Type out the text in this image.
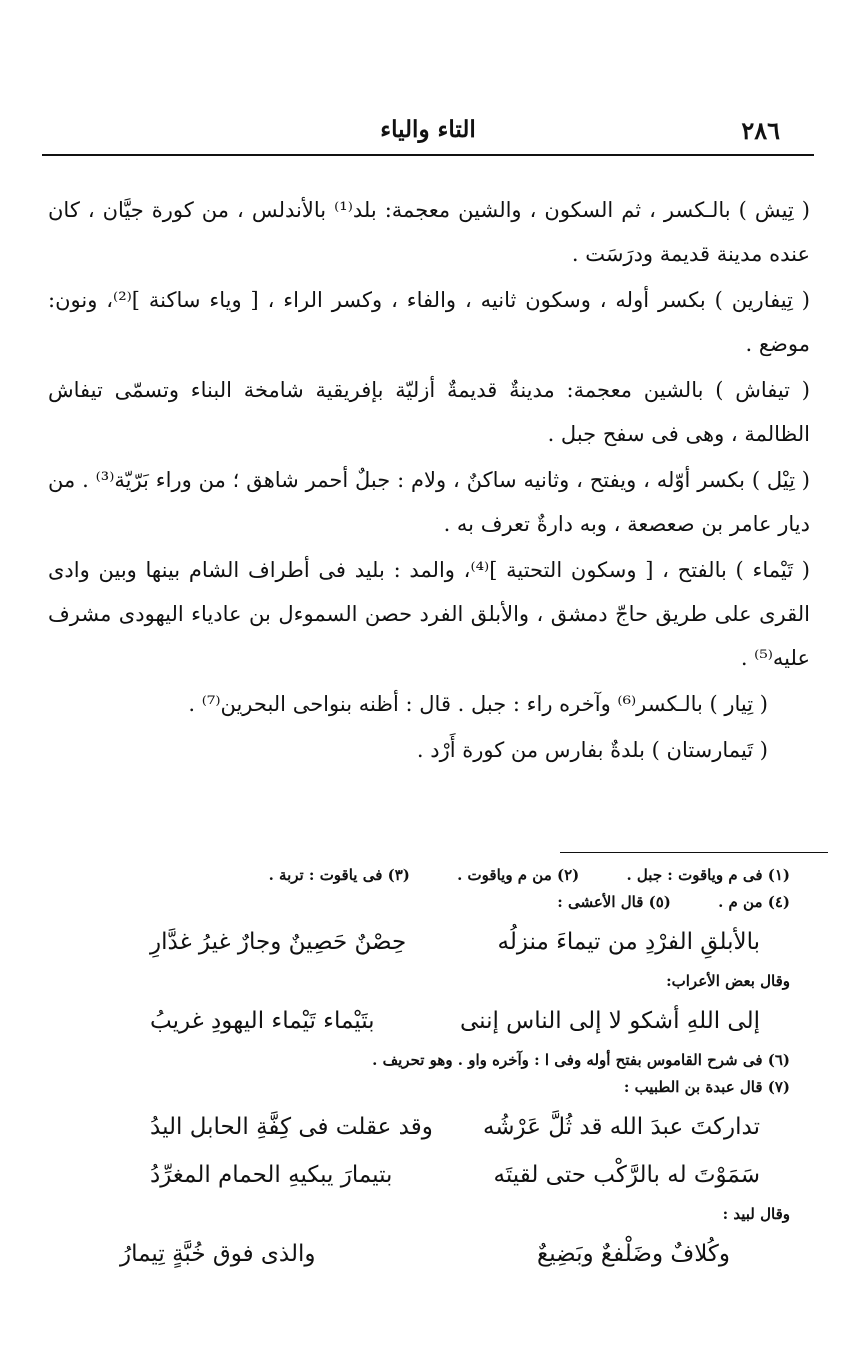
٢٨٦
التاء والياء

( تِيش ) بالـكسر ، ثم السكون ، والشين معجمة: بلد⁽¹⁾ بالأندلس ، من كورة جيَّان ، كان عنده مدينة قديمة ودرَسَت .

( تِيفارين ) بكسر أوله ، وسكون ثانيه ، والفاء ، وكسر الراء ، [ وياء ساكنة ]⁽²⁾، ونون: موضع .

( تيفاش ) بالشين معجمة: مدينةٌ قديمةٌ أزليّة بإفريقية شامخة البناء وتسمّى تيفاش الظالمة ، وهى فى سفح جبل .

( تِيْل ) بكسر أوّله ، ويفتح ، وثانيه ساكنٌ ، ولام : جبلٌ أحمر شاهق ؛ من وراء بَرّيّة⁽³⁾ . من ديار عامر بن صعصعة ، وبه دارةٌ تعرف به .

( تَيْماء ) بالفتح ، [ وسكون التحتية ]⁽⁴⁾، والمد : بليد فى أطراف الشام بينها وبين وادى القرى على طريق حاجّ دمشق ، والأبلق الفرد حصن السموءل بن عادياء اليهودى مشرف عليه⁽⁵⁾ .

( تِيار ) بالـكسر⁽⁶⁾ وآخره راء : جبل . قال : أظنه بنواحى البحرين⁽⁷⁾ .

( تَيمارستان ) بلدةٌ بفارس من كورة أَرْد .

(١) فى م وياقوت : جبل . (٢) من م وياقوت . (٣) فى ياقوت : تربة .
(٤) من م . (٥) قال الأعشى :
بالأبلقِ الفرْدِ من تيماءَ منزلُه
حِصْنٌ حَصِينٌ وجارٌ غيرُ غدَّارِ
وقال بعض الأعراب:
إلى اللهِ أشكو لا إلى الناس إننى
بتَيْماء تَيْماء اليهودِ غريبُ
(٦) فى شرح القاموس بفتح أوله وفى ا : وآخره واو . وهو تحريف .
(٧) قال عبدة بن الطبيب :
تداركتَ عبدَ الله قد ثُلَّ عَرْشُه
وقد عقلت فى كِفَّةِ الحابل اليدُ
سَمَوْتَ له بالرَّكْب حتى لقيتَه
بتيمارَ يبكيهِ الحمام المغرِّدُ
وقال لبيد :
وكُلافٌ وضَلْفعٌ وبَضِيعٌ
والذى فوق خُبَّةٍ تِيمارُ
